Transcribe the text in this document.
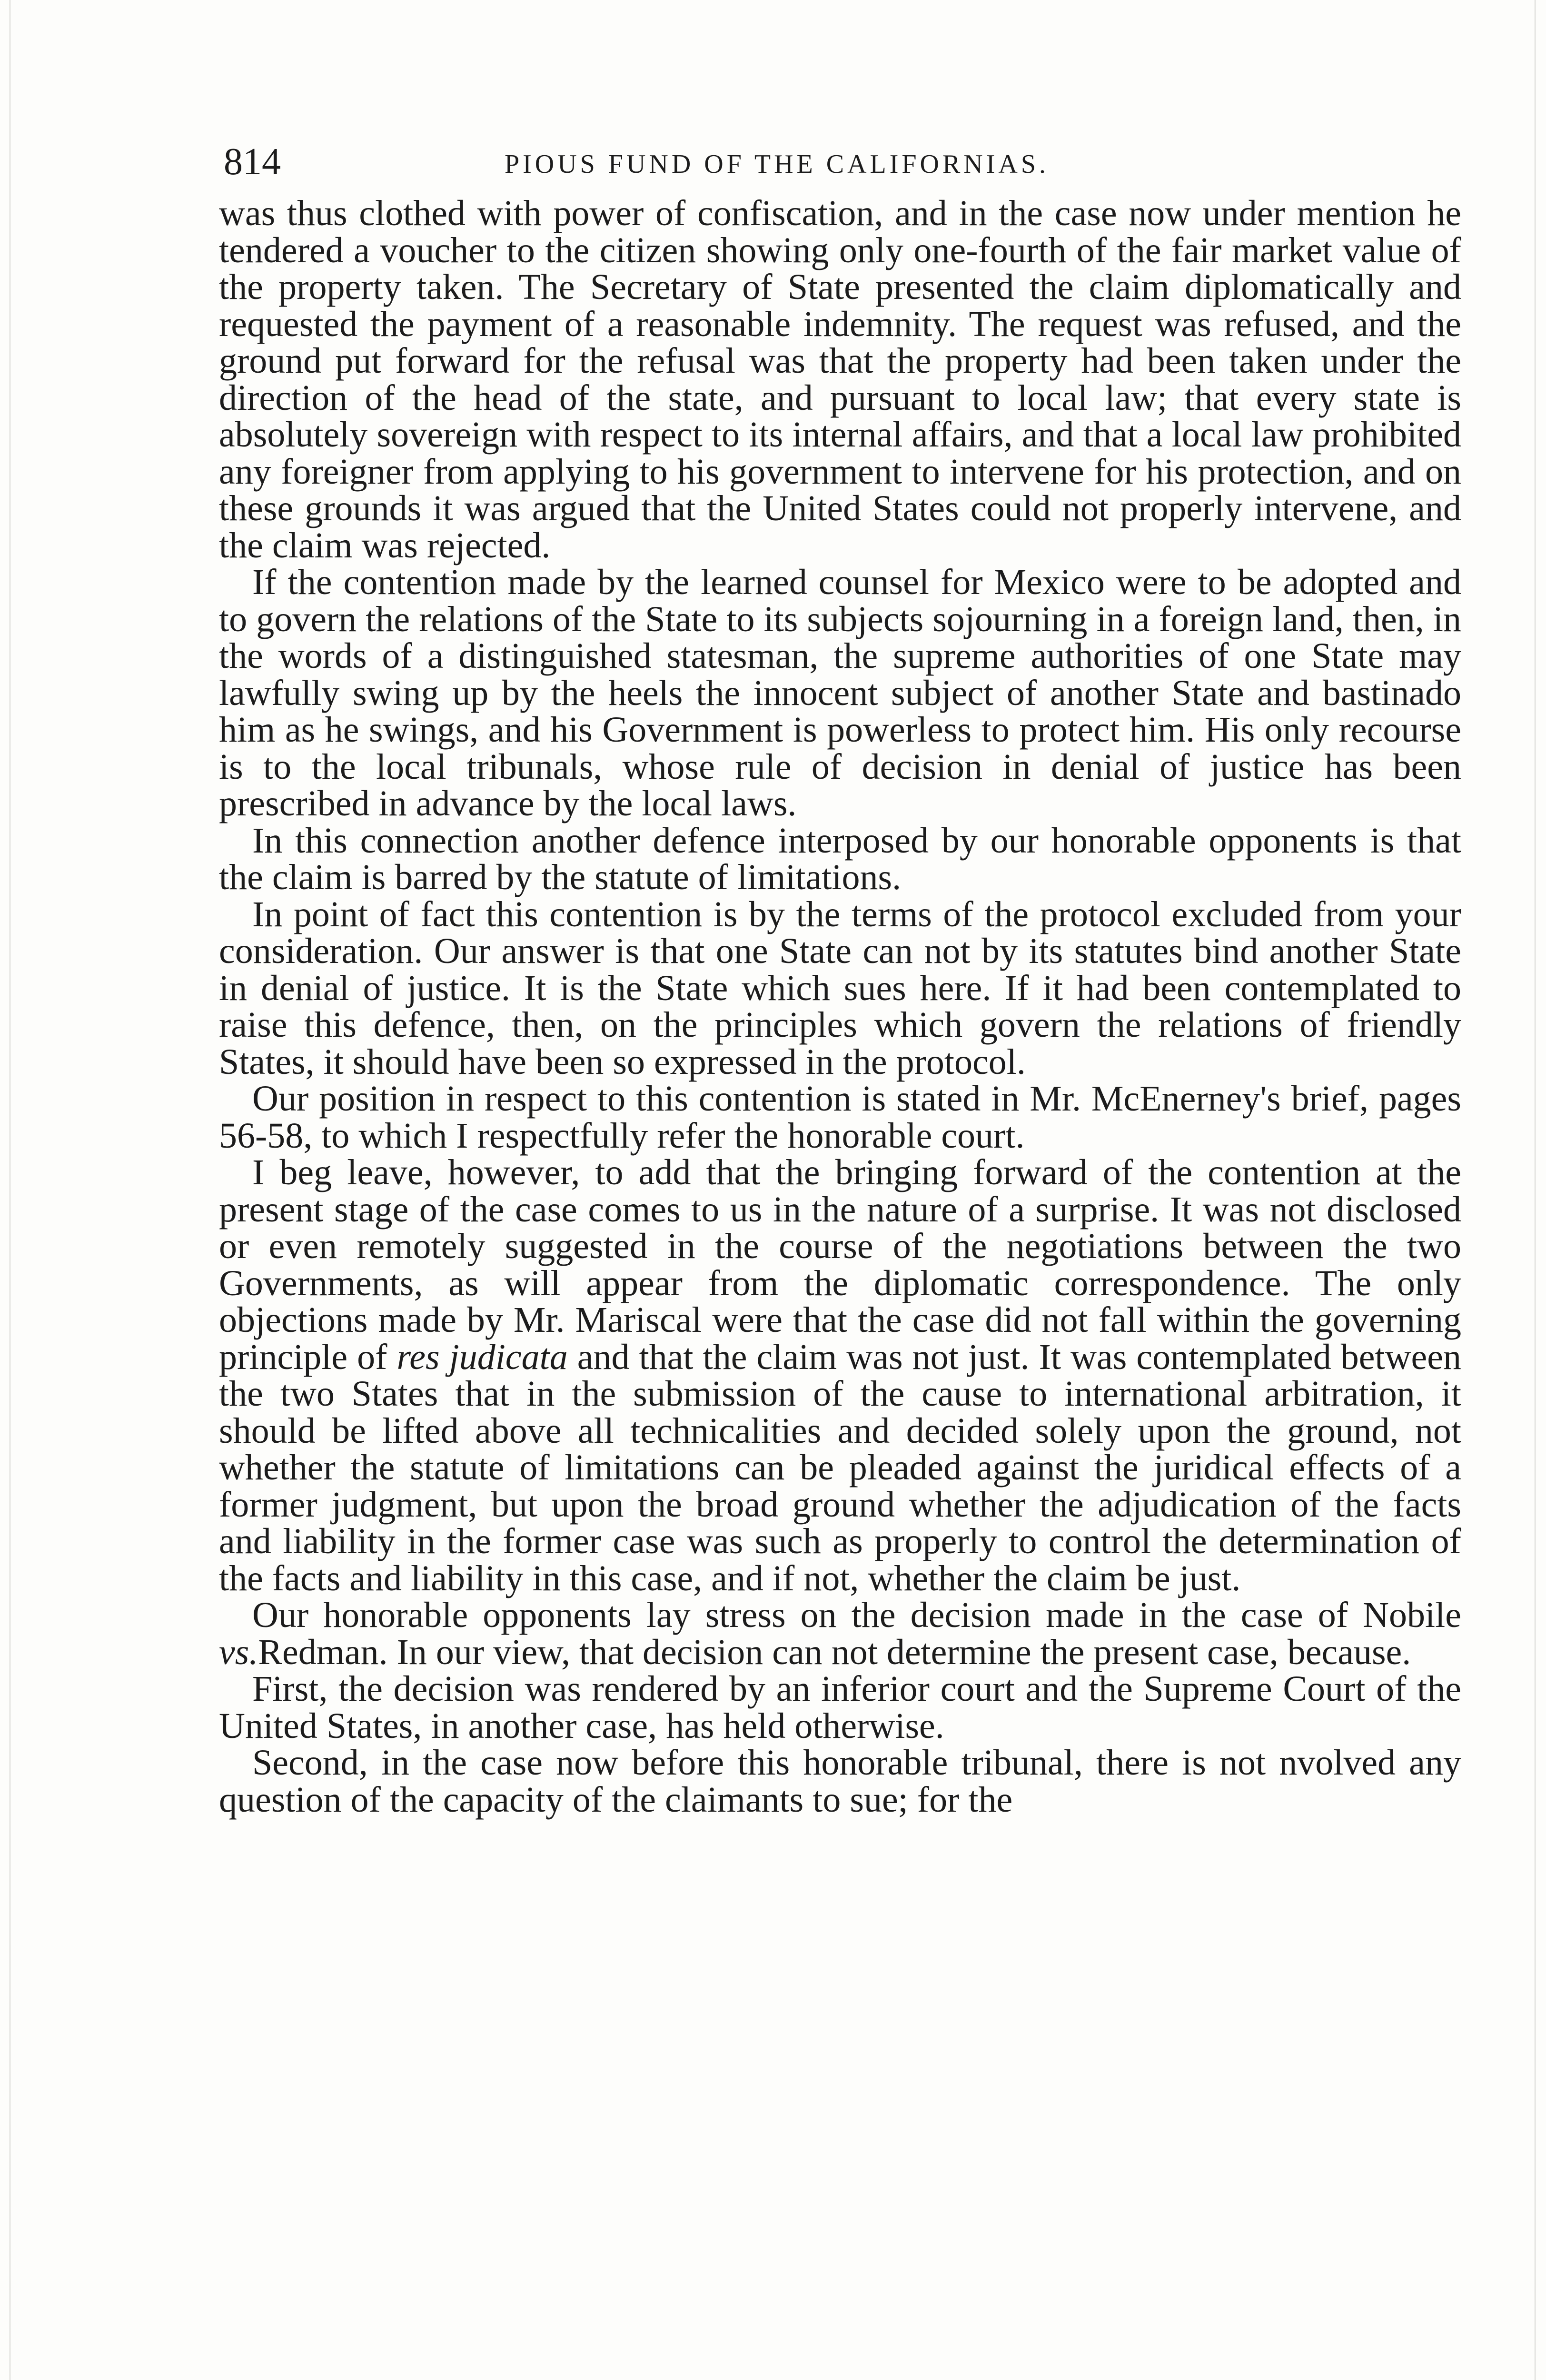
814	PIOUS FUND OF THE CALIFORNIAS.

was thus clothed with power of confiscation, and in the case now under mention he tendered a voucher to the citizen showing only one-fourth of the fair market value of the property taken. The Secretary of State presented the claim diplomatically and requested the payment of a reasonable indemnity. The request was refused, and the ground put forward for the refusal was that the property had been taken under the direction of the head of the state, and pursuant to local law; that every state is absolutely sovereign with respect to its internal affairs, and that a local law prohibited any foreigner from applying to his government to intervene for his protection, and on these grounds it was argued that the United States could not properly intervene, and the claim was rejected.

If the contention made by the learned counsel for Mexico were to be adopted and to govern the relations of the State to its subjects sojourning in a foreign land, then, in the words of a distinguished statesman, the supreme authorities of one State may lawfully swing up by the heels the innocent subject of another State and bastinado him as he swings, and his Government is powerless to protect him. His only recourse is to the local tribunals, whose rule of decision in denial of justice has been prescribed in advance by the local laws.

In this connection another defence interposed by our honorable opponents is that the claim is barred by the statute of limitations.

In point of fact this contention is by the terms of the protocol excluded from your consideration. Our answer is that one State can not by its statutes bind another State in denial of justice. It is the State which sues here. If it had been contemplated to raise this defence, then, on the principles which govern the relations of friendly States, it should have been so expressed in the protocol.

Our position in respect to this contention is stated in Mr. McEnerney's brief, pages 56-58, to which I respectfully refer the honorable court.

I beg leave, however, to add that the bringing forward of the contention at the present stage of the case comes to us in the nature of a surprise. It was not disclosed or even remotely suggested in the course of the negotiations between the two Governments, as will appear from the diplomatic correspondence. The only objections made by Mr. Mariscal were that the case did not fall within the governing principle of res judicata and that the claim was not just. It was contemplated between the two States that in the submission of the cause to international arbitration, it should be lifted above all technicalities and decided solely upon the ground, not whether the statute of limitations can be pleaded against the juridical effects of a former judgment, but upon the broad ground whether the adjudication of the facts and liability in the former case was such as properly to control the determination of the facts and liability in this case, and if not, whether the claim be just.

Our honorable opponents lay stress on the decision made in the case of Nobile vs.Redman. In our view, that decision can not determine the present case, because.

First, the decision was rendered by an inferior court and the Supreme Court of the United States, in another case, has held otherwise.

Second, in the case now before this honorable tribunal, there is not nvolved any question of the capacity of the claimants to sue; for the
